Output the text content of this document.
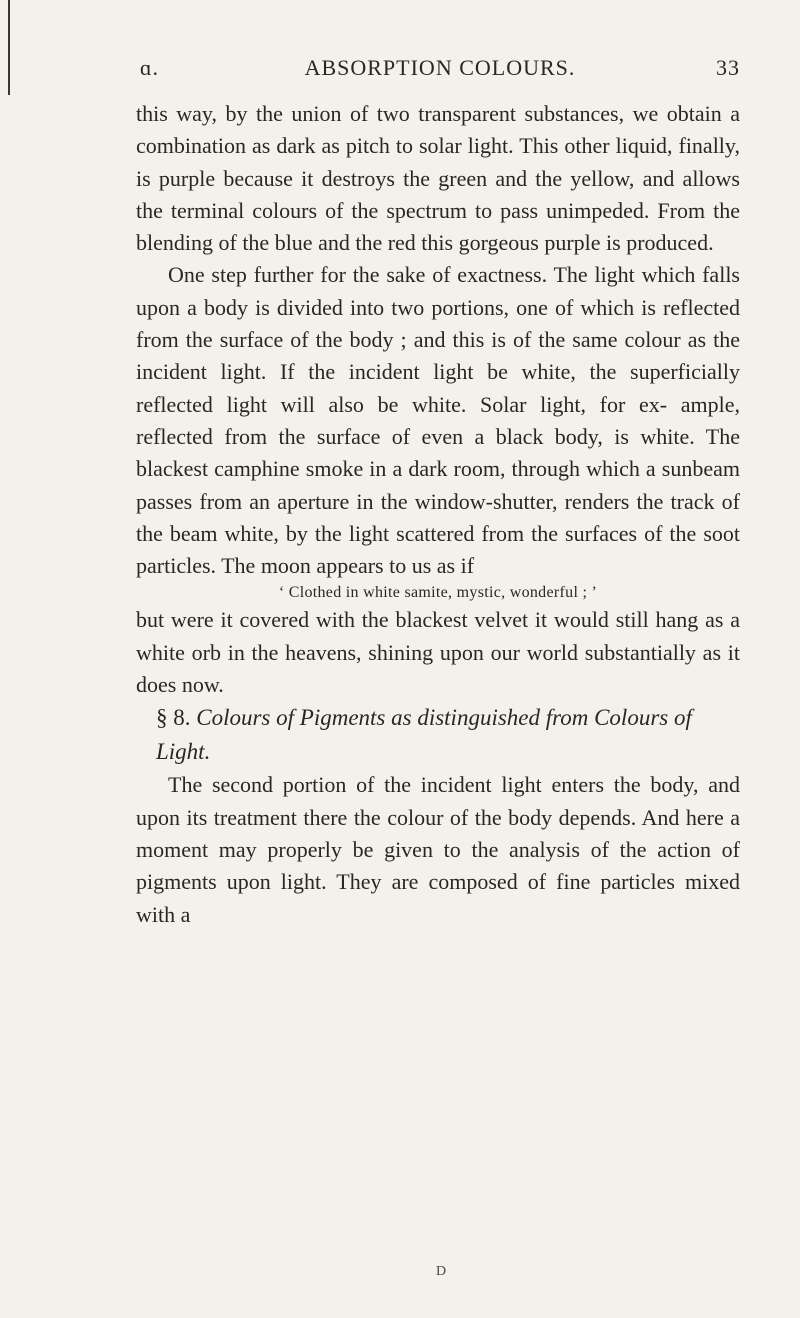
ɑ.	ABSORPTION COLOURS.	33

this way, by the union of two transparent substances, we obtain a combination as dark as pitch to solar light. This other liquid, finally, is purple because it destroys the green and the yellow, and allows the terminal colours of the spectrum to pass unimpeded. From the blending of the blue and the red this gorgeous purple is produced.

One step further for the sake of exactness. The light which falls upon a body is divided into two portions, one of which is reflected from the surface of the body ; and this is of the same colour as the incident light. If the incident light be white, the superficially reflected light will also be white. Solar light, for ex- ample, reflected from the surface of even a black body, is white. The blackest camphine smoke in a dark room, through which a sunbeam passes from an aperture in the window-shutter, renders the track of the beam white, by the light scattered from the surfaces of the soot particles. The moon appears to us as if

‘ Clothed in white samite, mystic, wonderful ; ’

but were it covered with the blackest velvet it would still hang as a white orb in the heavens, shining upon our world substantially as it does now.

§ 8. Colours of Pigments as distinguished from Colours of Light.

The second portion of the incident light enters the body, and upon its treatment there the colour of the body depends. And here a moment may properly be given to the analysis of the action of pigments upon light. They are composed of fine particles mixed with a

D
